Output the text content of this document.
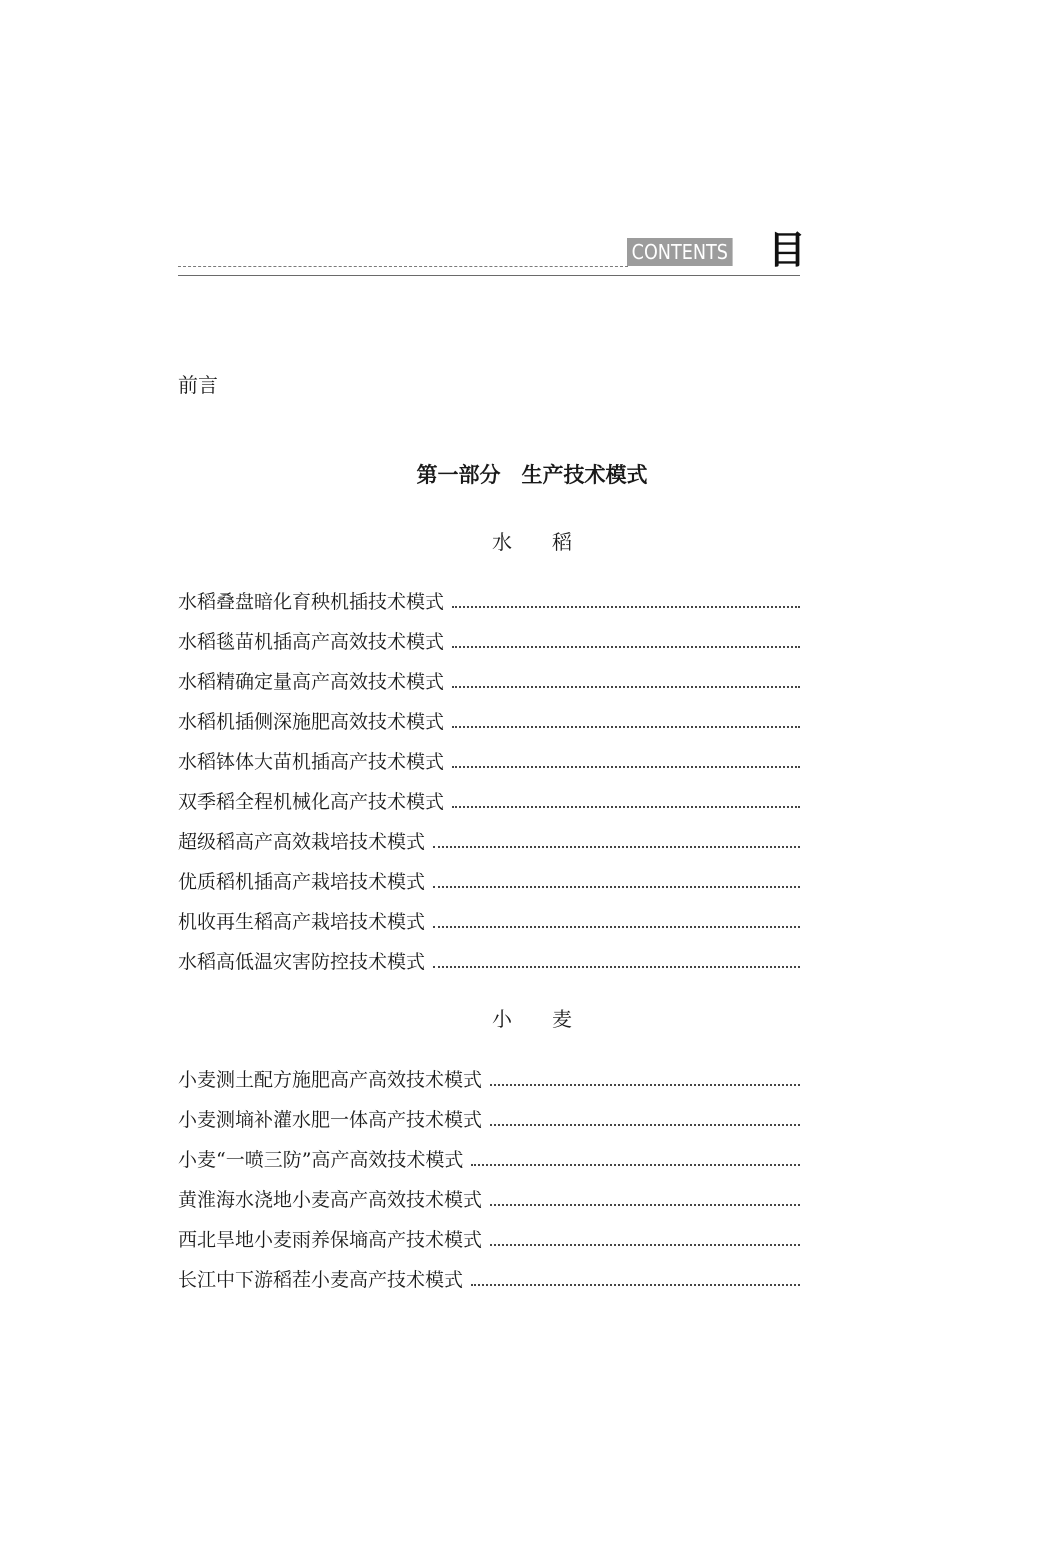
CONTENTS 目
前言
第一部分　生产技术模式
水　　稻
水稻叠盘暗化育秧机插技术模式
水稻毯苗机插高产高效技术模式
水稻精确定量高产高效技术模式
水稻机插侧深施肥高效技术模式
水稻钵体大苗机插高产技术模式
双季稻全程机械化高产技术模式
超级稻高产高效栽培技术模式
优质稻机插高产栽培技术模式
机收再生稻高产栽培技术模式
水稻高低温灾害防控技术模式
小　　麦
小麦测土配方施肥高产高效技术模式
小麦测墒补灌水肥一体高产技术模式
小麦“一喷三防”高产高效技术模式
黄淮海水浇地小麦高产高效技术模式
西北旱地小麦雨养保墒高产技术模式
长江中下游稻茬小麦高产技术模式
